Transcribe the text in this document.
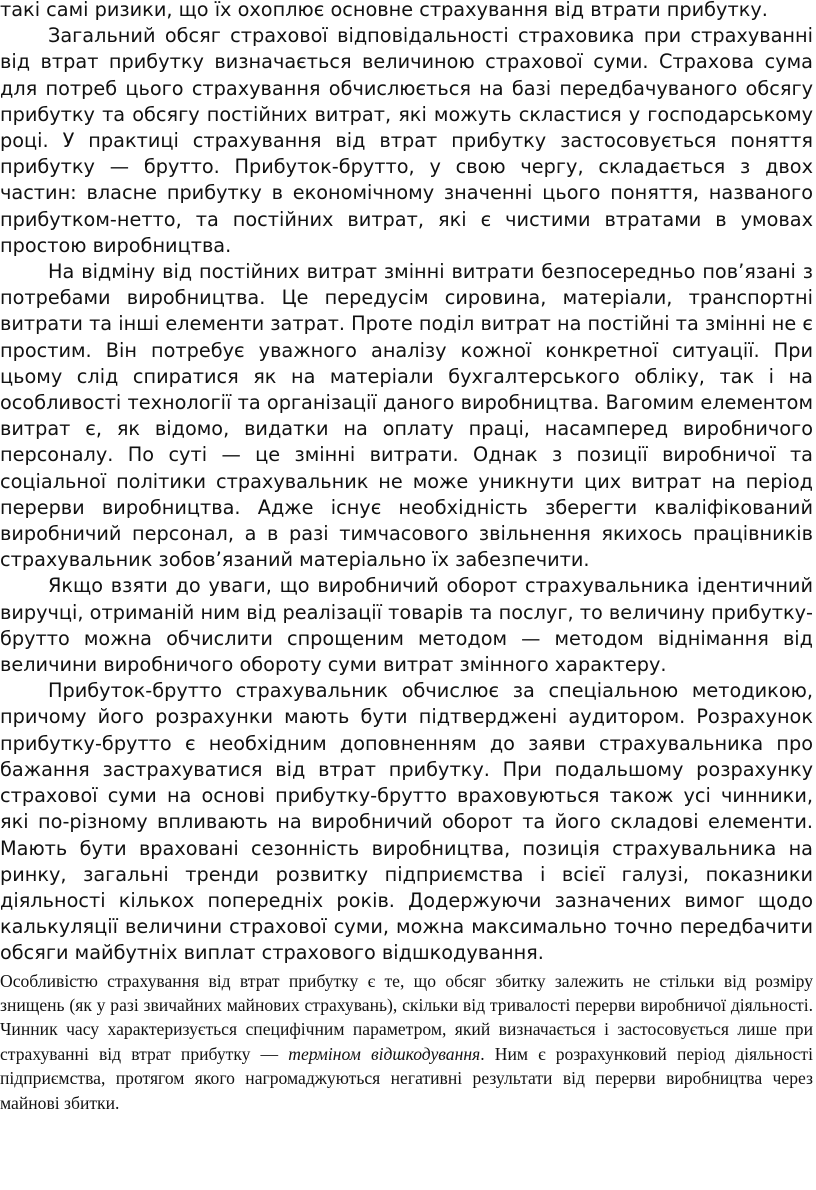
такі самі ризики, що їх охоплює основне страхування від втрати прибутку.

Загальний обсяг страхової відповідальності страховика при страхуванні від втрат прибутку визначається величиною страхової суми. Страхова сума для потреб цього страхування обчислюється на базі передбачуваного обсягу прибутку та обсягу постійних витрат, які можуть скластися у господарському році. У практиці страхування від втрат прибутку застосовується поняття прибутку — брутто. Прибуток-брутто, у свою чергу, складається з двох частин: власне прибутку в економічному значенні цього поняття, названого прибутком-нетто, та постійних витрат, які є чистими втратами в умовах простою виробництва.

На відміну від постійних витрат змінні витрати безпосередньо пов’язані з потребами виробництва. Це передусім сировина, матеріали, транспортні витрати та інші елементи затрат. Проте поділ витрат на постійні та змінні не є простим. Він потребує уважного аналізу кожної конкретної ситуації. При цьому слід спиратися як на матеріали бухгалтерського обліку, так і на особливості технології та організації даного виробництва. Вагомим елементом витрат є, як відомо, видатки на оплату праці, насамперед виробничого персоналу. По суті — це змінні витрати. Однак з позиції виробничої та соціальної політики страхувальник не може уникнути цих витрат на період перерви виробництва. Адже існує необхідність зберегти кваліфікований виробничий персонал, а в разі тимчасового звільнення якихось працівників страхувальник зобов’язаний матеріально їх забезпечити.

Якщо взяти до уваги, що виробничий оборот страхувальника ідентичний виручці, отриманій ним від реалізації товарів та послуг, то величину прибутку-брутто можна обчислити спрощеним методом — методом віднімання від величини виробничого обороту суми витрат змінного характеру.

Прибуток-брутто страхувальник обчислює за спеціальною методикою, причому його розрахунки мають бути підтверджені аудитором. Розрахунок прибутку-брутто є необхідним доповненням до заяви страхувальника про бажання застрахуватися від втрат прибутку. При подальшому розрахунку страхової суми на основі прибутку-брутто враховуються також усі чинники, які по-різному впливають на виробничий оборот та його складові елементи. Мають бути враховані сезонність виробництва, позиція страхувальника на ринку, загальні тренди розвитку підприємства і всієї галузі, показники діяльності кількох попередніх років. Додержуючи зазначених вимог щодо калькуляції величини страхової суми, можна максимально точно передбачити обсяги майбутніх виплат страхового відшкодування.

Особливістю страхування від втрат прибутку є те, що обсяг збитку залежить не стільки від розміру знищень (як у разі звичайних майнових страхувань), скільки від тривалості перерви виробничої діяльності. Чинник часу характеризується специфічним параметром, який визначається і застосовується лише при страхуванні від втрат прибутку — терміном відшкодування. Ним є розрахунковий період діяльності підприємства, протягом якого нагромаджуються негативні результати від перерви виробництва через майнові збитки.
